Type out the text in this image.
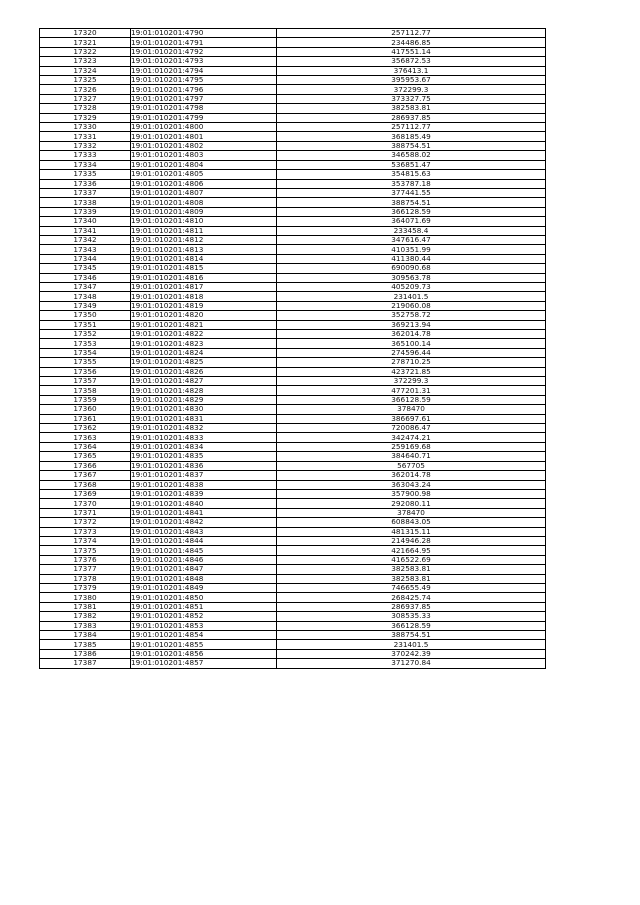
17320	19:01:010201:4790	257112.77
17321	19:01:010201:4791	234486.85
17322	19:01:010201:4792	417551.14
17323	19:01:010201:4793	356872.53
17324	19:01:010201:4794	376413.1
17325	19:01:010201:4795	395953.67
17326	19:01:010201:4796	372299.3
17327	19:01:010201:4797	373327.75
17328	19:01:010201:4798	382583.81
17329	19:01:010201:4799	286937.85
17330	19:01:010201:4800	257112.77
17331	19:01:010201:4801	368185.49
17332	19:01:010201:4802	388754.51
17333	19:01:010201:4803	346588.02
17334	19:01:010201:4804	536851.47
17335	19:01:010201:4805	354815.63
17336	19:01:010201:4806	353787.18
17337	19:01:010201:4807	377441.55
17338	19:01:010201:4808	388754.51
17339	19:01:010201:4809	366128.59
17340	19:01:010201:4810	364071.69
17341	19:01:010201:4811	233458.4
17342	19:01:010201:4812	347616.47
17343	19:01:010201:4813	410351.99
17344	19:01:010201:4814	411380.44
17345	19:01:010201:4815	690090.68
17346	19:01:010201:4816	309563.78
17347	19:01:010201:4817	405209.73
17348	19:01:010201:4818	231401.5
17349	19:01:010201:4819	219060.08
17350	19:01:010201:4820	352758.72
17351	19:01:010201:4821	369213.94
17352	19:01:010201:4822	362014.78
17353	19:01:010201:4823	365100.14
17354	19:01:010201:4824	274596.44
17355	19:01:010201:4825	278710.25
17356	19:01:010201:4826	423721.85
17357	19:01:010201:4827	372299.3
17358	19:01:010201:4828	477201.31
17359	19:01:010201:4829	366128.59
17360	19:01:010201:4830	378470
17361	19:01:010201:4831	386697.61
17362	19:01:010201:4832	720086.47
17363	19:01:010201:4833	342474.21
17364	19:01:010201:4834	259169.68
17365	19:01:010201:4835	384640.71
17366	19:01:010201:4836	567705
17367	19:01:010201:4837	362014.78
17368	19:01:010201:4838	363043.24
17369	19:01:010201:4839	357900.98
17370	19:01:010201:4840	292080.11
17371	19:01:010201:4841	378470
17372	19:01:010201:4842	608843.05
17373	19:01:010201:4843	481315.11
17374	19:01:010201:4844	214946.28
17375	19:01:010201:4845	421664.95
17376	19:01:010201:4846	416522.69
17377	19:01:010201:4847	382583.81
17378	19:01:010201:4848	382583.81
17379	19:01:010201:4849	746655.49
17380	19:01:010201:4850	268425.74
17381	19:01:010201:4851	286937.85
17382	19:01:010201:4852	308535.33
17383	19:01:010201:4853	366128.59
17384	19:01:010201:4854	388754.51
17385	19:01:010201:4855	231401.5
17386	19:01:010201:4856	370242.39
17387	19:01:010201:4857	371270.84
